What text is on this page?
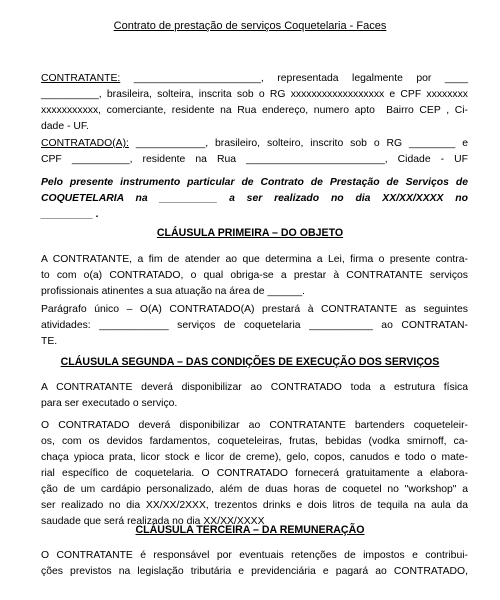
Contrato de prestação de serviços Coquetelaria - Faces
CONTRATANTE: ______________________, representada legalmente por ____
__________, brasileira, solteira, inscrita sob o RG xxxxxxxxxxxxxxxxxx e CPF xxxxxxxx
xxxxxxxxxxx, comerciante, residente na Rua endereço, numero apto  Bairro CEP , Ci-
dade - UF.
CONTRATADO(A): ____________, brasileiro, solteiro, inscrito sob o RG ________ e
CPF __________, residente na Rua ________________________, Cidade - UF
Pelo presente instrumento particular de Contrato de Prestação de Serviços de
COQUETELARIA na __________ a ser realizado no dia XX/XX/XXXX no
_________ .
CLÁUSULA PRIMEIRA – DO OBJETO
A CONTRATANTE, a fim de atender ao que determina a Lei, firma o presente contra-
to com o(a) CONTRATADO, o qual obriga-se a prestar à CONTRATANTE serviços
profissionais atinentes a sua atuação na área de ______.
Parágrafo único – O(A) CONTRATADO(A) prestará à CONTRATANTE as seguintes
atividades: ____________ serviços de coquetelaria ___________ ao CONTRATAN-
TE.
CLÁUSULA SEGUNDA – DAS CONDIÇÕES DE EXECUÇÃO DOS SERVIÇOS
A CONTRATANTE deverá disponibilizar ao CONTRATADO toda a estrutura física
para ser executado o serviço.
O CONTRATADO deverá disponibilizar ao CONTRATANTE bartenders coqueteleir-
os, com os devidos fardamentos, coqueteleiras, frutas, bebidas (vodka smirnoff, ca-
chaça ypioca prata, licor stock e licor de creme), gelo, copos, canudos e todo o mate-
rial específico de coquetelaria. O CONTRATADO fornecerá gratuitamente a elabora-
ção de um cardápio personalizado, além de duas horas de coquetel no "workshop" a
ser realizado no dia XX/XX/2XXX, trezentos drinks e dois litros de tequila na aula da
saudade que será realizada no dia XX/XX/XXXX
CLÁUSULA TERCEIRA – DA REMUNERAÇÃO
O CONTRATANTE é responsável por eventuais retenções de impostos e contribui-
ções previstos na legislação tributária e previdenciária e pagará ao CONTRATADO,
